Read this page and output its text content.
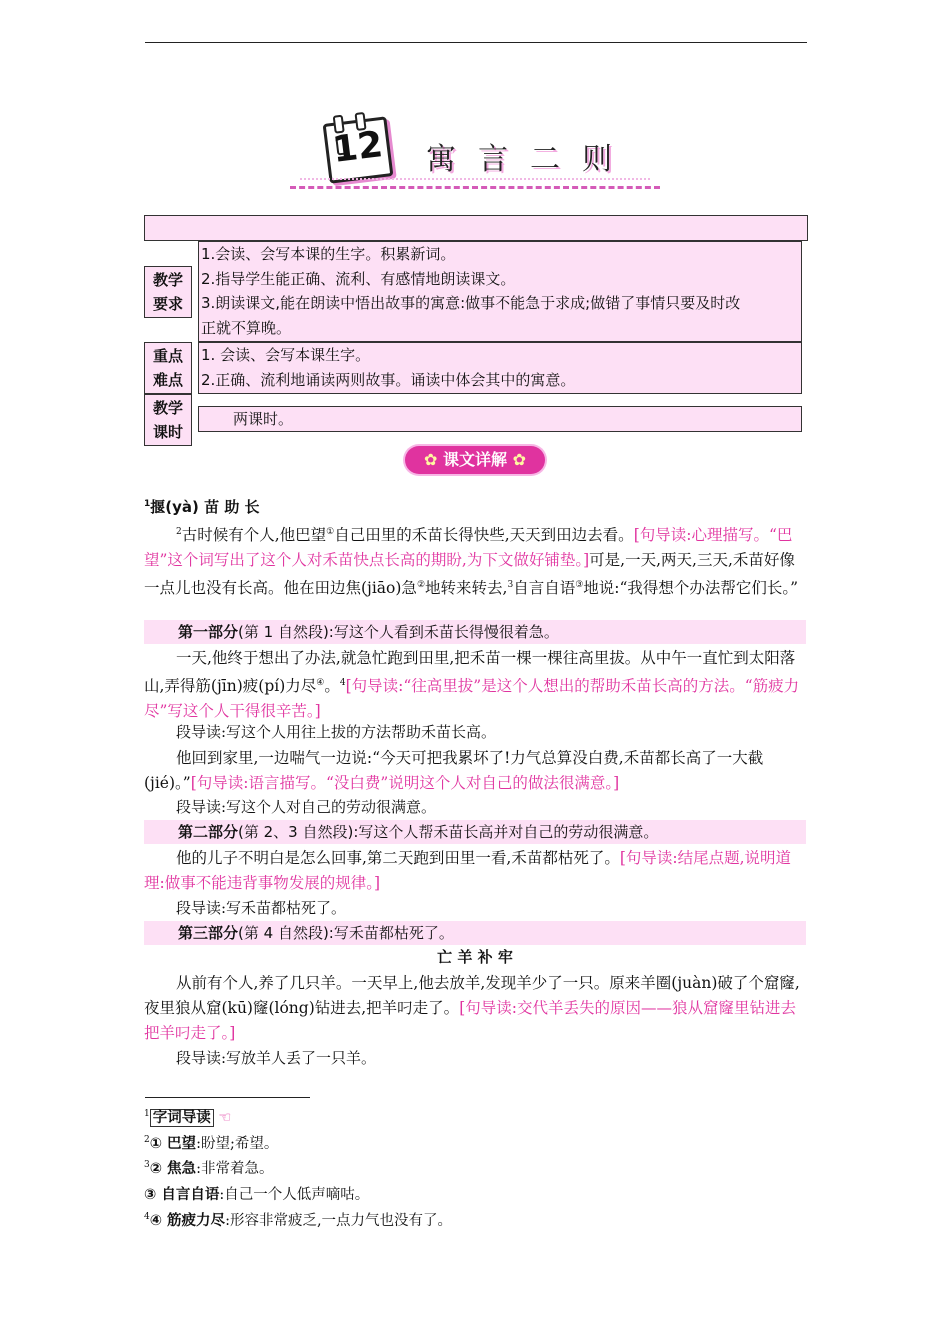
12 寓言二则
教学
要求
1.会读、会写本课的生字。积累新词。
2.指导学生能正确、流利、有感情地朗读课文。
3.朗读课文,能在朗读中悟出故事的寓意:做事不能急于求成;做错了事情只要及时改
正就不算晚。
重点
难点
1. 会读、会写本课生字。
2.正确、流利地诵读两则故事。诵读中体会其中的寓意。
教学
课时
两课时。
✿ 课文详解 ✿
$^1$揠(yà) 苗 助 长
$^2$古时候有个人,他巴望①自己田里的禾苗长得快些,天天到田边去看。[句导读:心理描写。“巴望”这个词写出了这个人对禾苗快点长高的期盼,为下文做好铺垫。]可是,一天,两天,三天,禾苗好像一点儿也没有长高。他在田边焦(jiāo)急②地转来转去,$^3$自言自语③地说:“我得想个办法帮它们长。”
第一部分(第 1 自然段):写这个人看到禾苗长得慢很着急。
一天,他终于想出了办法,就急忙跑到田里,把禾苗一棵一棵往高里拔。从中午一直忙到太阳落山,弄得筋(jīn)疲(pí)力尽④。$^4$[句导读:“往高里拔”是这个人想出的帮助禾苗长高的方法。“筋疲力尽”写这个人干得很辛苦。]
段导读:写这个人用往上拔的方法帮助禾苗长高。
他回到家里,一边喘气一边说:“今天可把我累坏了!力气总算没白费,禾苗都长高了一大截(jié)。”[句导读:语言描写。“没白费”说明这个人对自己的做法很满意。]
段导读:写这个人对自己的劳动很满意。
第二部分(第 2、3 自然段):写这个人帮禾苗长高并对自己的劳动很满意。
他的儿子不明白是怎么回事,第二天跑到田里一看,禾苗都枯死了。[句导读:结尾点题,说明道理:做事不能违背事物发展的规律。]
段导读:写禾苗都枯死了。
第三部分(第 4 自然段):写禾苗都枯死了。
亡 羊 补 牢
从前有个人,养了几只羊。一天早上,他去放羊,发现羊少了一只。原来羊圈(juàn)破了个窟窿,夜里狼从窟(kū)窿(lóng)钻进去,把羊叼走了。[句导读:交代羊丢失的原因——狼从窟窿里钻进去把羊叼走了。]
段导读:写放羊人丢了一只羊。
$^1$ 字词导读 ☜
$^2$① 巴望:盼望;希望。
$^3$② 焦急:非常着急。
③ 自言自语:自己一个人低声嘀咕。
$^4$④ 筋疲力尽:形容非常疲乏,一点力气也没有了。
